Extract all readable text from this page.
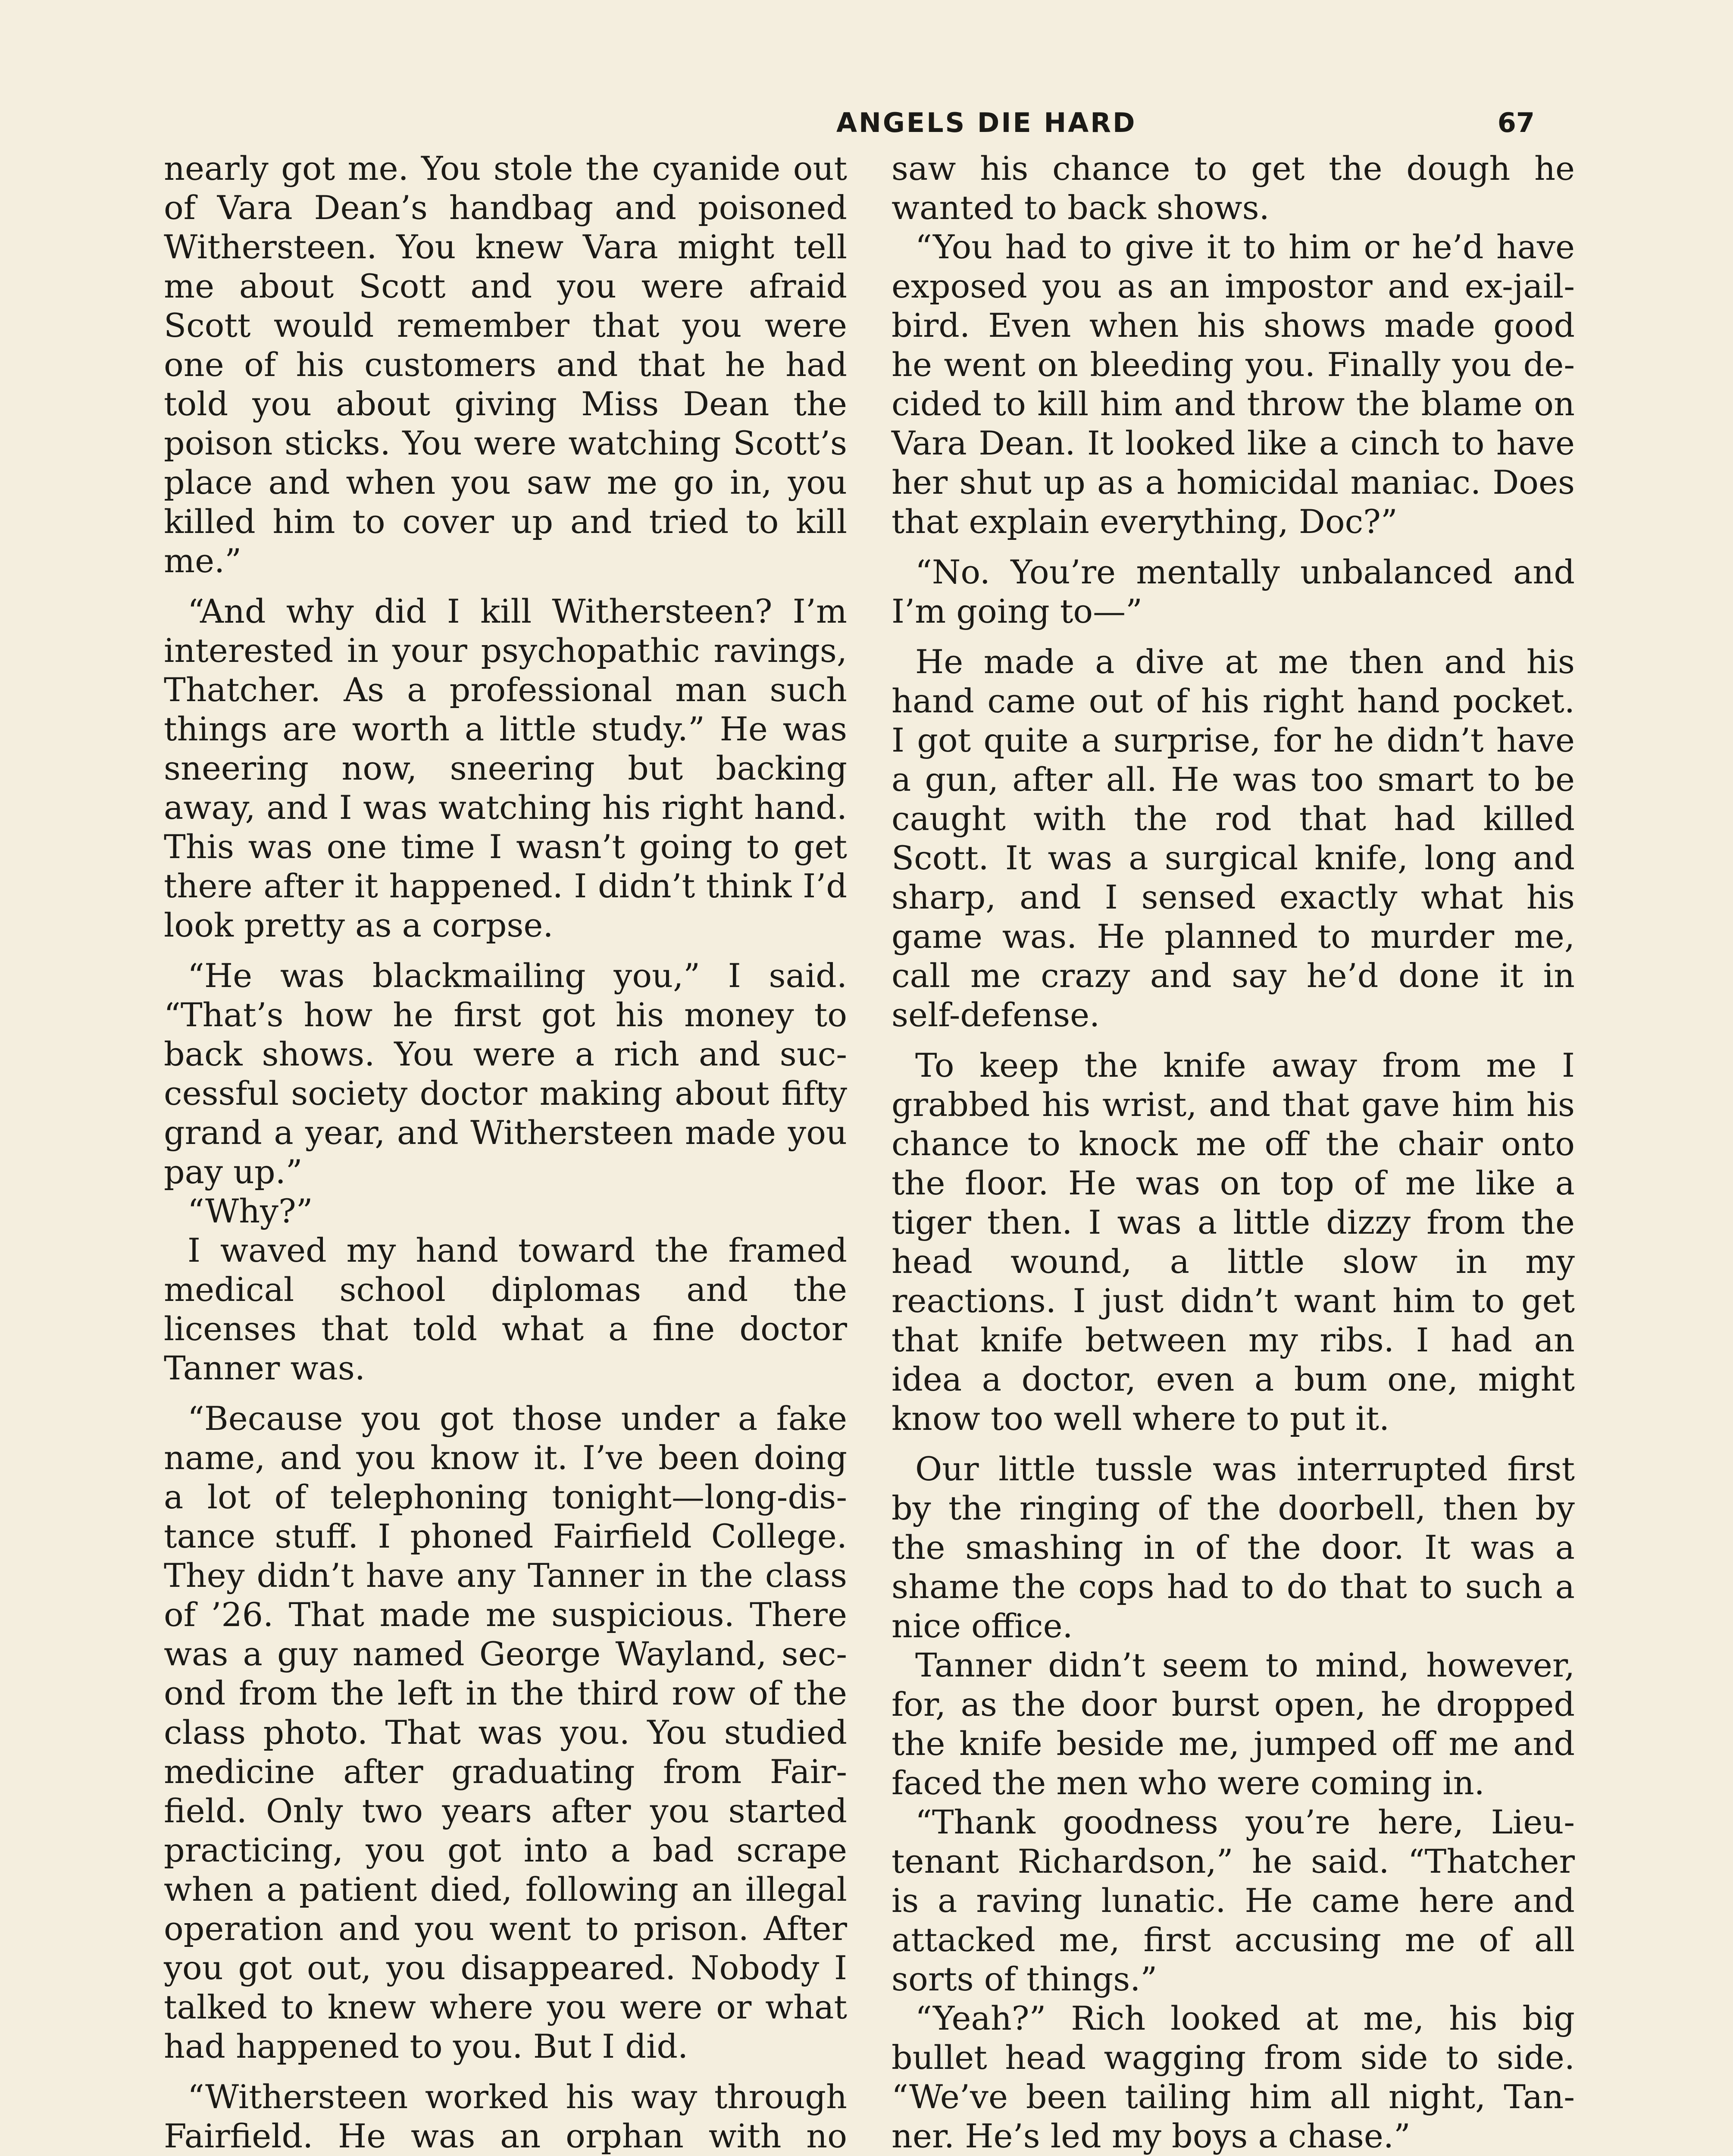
ANGELS DIE HARD	67

nearly got me. You stole the cyanide out of Vara Dean’s handbag and poisoned Withersteen. You knew Vara might tell me about Scott and you were afraid Scott would remember that you were one of his customers and that he had told you about giving Miss Dean the poison sticks. You were watching Scott’s place and when you saw me go in, you killed him to cover up and tried to kill me.”

“And why did I kill Withersteen? I’m interested in your psychopathic ravings, Thatcher. As a professional man such things are worth a little study.” He was sneering now, sneering but backing away, and I was watching his right hand. This was one time I wasn’t going to get there after it happened. I didn’t think I’d look pretty as a corpse.

“He was blackmailing you,” I said. “That’s how he first got his money to back shows. You were a rich and successful society doctor making about fifty grand a year, and Withersteen made you pay up.”

“Why?”

I waved my hand toward the framed medical school diplomas and the licenses that told what a fine doctor Tanner was.

“Because you got those under a fake name, and you know it. I’ve been doing a lot of telephoning tonight—long-distance stuff. I phoned Fairfield College. They didn’t have any Tanner in the class of ’26. That made me suspicious. There was a guy named George Wayland, second from the left in the third row of the class photo. That was you. You studied medicine after graduating from Fairfield. Only two years after you started practicing, you got into a bad scrape when a patient died, following an illegal operation and you went to prison. After you got out, you disappeared. Nobody I talked to knew where you were or what had happened to you. But I did.

“Withersteen worked his way through Fairfield. He was an orphan with no

saw his chance to get the dough he wanted to back shows.

“You had to give it to him or he’d have exposed you as an impostor and ex-jailbird. Even when his shows made good he went on bleeding you. Finally you decided to kill him and throw the blame on Vara Dean. It looked like a cinch to have her shut up as a homicidal maniac. Does that explain everything, Doc?”

“No. You’re mentally unbalanced and I’m going to—”

He made a dive at me then and his hand came out of his right hand pocket. I got quite a surprise, for he didn’t have a gun, after all. He was too smart to be caught with the rod that had killed Scott. It was a surgical knife, long and sharp, and I sensed exactly what his game was. He planned to murder me, call me crazy and say he’d done it in self-defense.

To keep the knife away from me I grabbed his wrist, and that gave him his chance to knock me off the chair onto the floor. He was on top of me like a tiger then. I was a little dizzy from the head wound, a little slow in my reactions. I just didn’t want him to get that knife between my ribs. I had an idea a doctor, even a bum one, might know too well where to put it.

Our little tussle was interrupted first by the ringing of the doorbell, then by the smashing in of the door. It was a shame the cops had to do that to such a nice office.

Tanner didn’t seem to mind, however, for, as the door burst open, he dropped the knife beside me, jumped off me and faced the men who were coming in.

“Thank goodness you’re here, Lieutenant Richardson,” he said. “Thatcher is a raving lunatic. He came here and attacked me, first accusing me of all sorts of things.”

“Yeah?” Rich looked at me, his big bullet head wagging from side to side. “We’ve been tailing him all night, Tanner. He’s led my boys a chase.”
